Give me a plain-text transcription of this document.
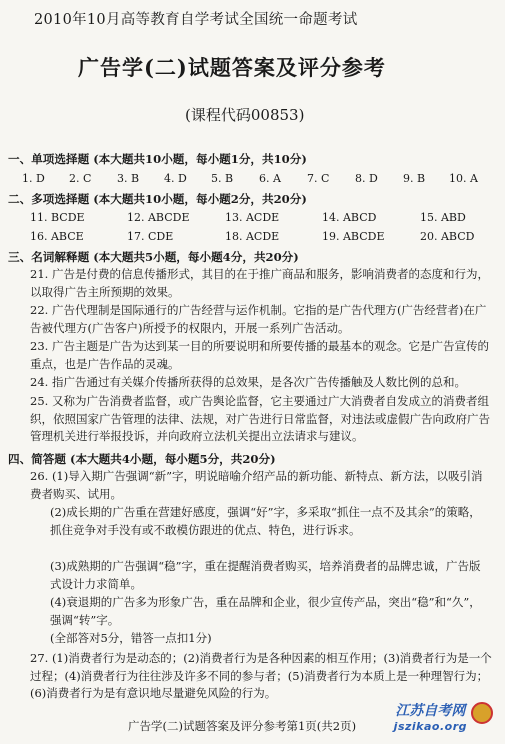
2010年10月高等教育自学考试全国统一命题考试
广告学(二)试题答案及评分参考
(课程代码00853)
一、单项选择题 (本大题共10小题，每小题1分，共10分)
1. D 2. C 3. B 4. D 5. B 6. A 7. C 8. D 9. B 10. A
二、多项选择题 (本大题共10小题，每小题2分，共20分)
11. BCDE	12. ABCDE	13. ACDE	14. ABCD	15. ABD
16. ABCE	17. CDE	18. ACDE	19. ABCDE	20. ABCD
三、名词解释题 (本大题共5小题，每小题4分，共20分)
21. 广告是付费的信息传播形式，其目的在于推广商品和服务，影响消费者的态度和行为，以取得广告主所预期的效果。
22. 广告代理制是国际通行的广告经营与运作机制。它指的是广告代理方(广告经营者)在广告被代理方(广告客户)所授予的权限内，开展一系列广告活动。
23. 广告主题是广告为达到某一目的所要说明和所要传播的最基本的观念。它是广告宣传的重点，也是广告作品的灵魂。
24. 指广告通过有关媒介传播所获得的总效果，是各次广告传播触及人数比例的总和。
25. 又称为广告消费者监督，或广告舆论监督，它主要通过广大消费者自发成立的消费者组织，依照国家广告管理的法律、法规，对广告进行日常监督，对违法或虚假广告向政府广告管理机关进行举报投诉，并向政府立法机关提出立法请求与建议。
四、简答题 (本大题共4小题，每小题5分，共20分)
26. (1)导入期广告强调“新”字，明说暗喻介绍产品的新功能、新特点、新方法，以吸引消费者购买、试用。
(2)成长期的广告重在营建好感度，强调“好”字，多采取“抓住一点不及其余”的策略，抓住竞争对手没有或不敢模仿跟进的优点、特色，进行诉求。
(3)成熟期的广告强调“稳”字，重在提醒消费者购买，培养消费者的品牌忠诚，广告版式设计力求简单。
(4)衰退期的广告多为形象广告，重在品牌和企业，很少宣传产品，突出“稳”和“久”，强调“转”字。
(全部答对5分，错答一点扣1分)
27. (1)消费者行为是动态的；(2)消费者行为是各种因素的相互作用；(3)消费者行为是一个过程；(4)消费者行为往往涉及许多不同的参与者；(5)消费者行为本质上是一种理智行为；(6)消费者行为是有意识地尽量避免风险的行为。
广告学(二)试题答案及评分参考第1页(共2页)
江苏自考网
jszikao.org
